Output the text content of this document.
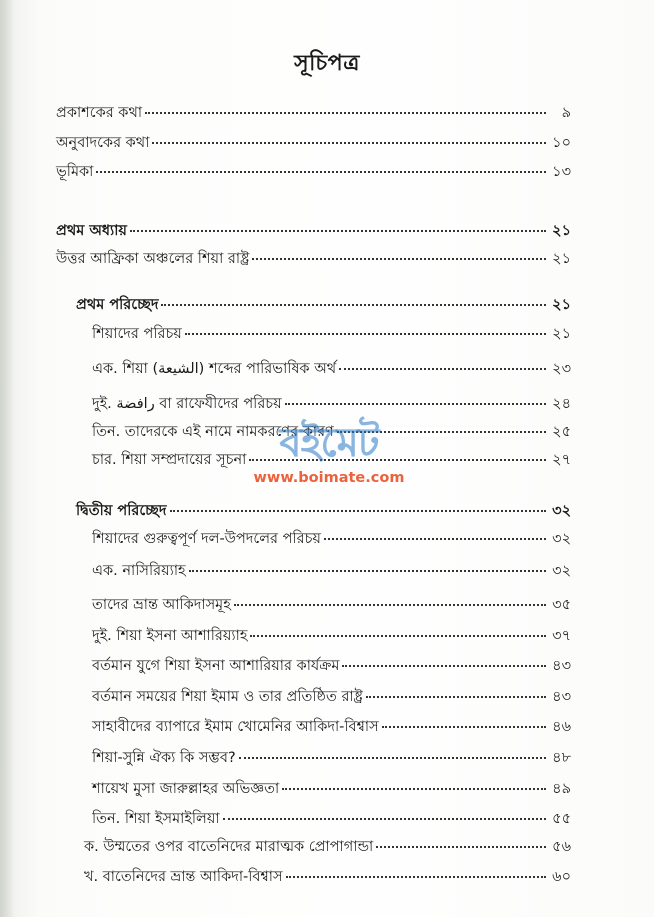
সূচিপত্র
প্রকাশকের কথা	৯
অনুবাদকের কথা	১০
ভূমিকা	১৩
প্রথম অধ্যায়	২১
উত্তর আফ্রিকা অঞ্চলের শিয়া রাষ্ট্র	২১
প্রথম পরিচ্ছেদ	২১
শিয়াদের পরিচয়	২১
এক. শিয়া (الشيعة) শব্দের পারিভাষিক অর্থ	২৩
দুই. رافضة বা রাফেযীদের পরিচয়	২৪
তিন. তাদেরকে এই নামে নামকরণের কারণ	২৫
চার. শিয়া সম্প্রদায়ের সূচনা	২৭
দ্বিতীয় পরিচ্ছেদ	৩২
শিয়াদের গুরুত্বপূর্ণ দল-উপদলের পরিচয়	৩২
এক. নাসিরিয়্যাহ	৩২
তাদের ভ্রান্ত আকিদাসমূহ	৩৫
দুই. শিয়া ইসনা আশারিয়্যাহ	৩৭
বর্তমান যুগে শিয়া ইসনা আশারিয়ার কার্যক্রম	৪৩
বর্তমান সময়ের শিয়া ইমাম ও তার প্রতিষ্ঠিত রাষ্ট্র	৪৩
সাহাবীদের ব্যাপারে ইমাম খোমেনির আকিদা-বিশ্বাস	৪৬
শিয়া-সুন্নি ঐক্য কি সম্ভব?	৪৮
শায়েখ মুসা জারুল্লাহর অভিজ্ঞতা	৪৯
তিন. শিয়া ইসমাইলিয়া	৫৫
ক. উম্মতের ওপর বাতেনিদের মারাত্মক প্রোপাগান্ডা	৫৬
খ. বাতেনিদের ভ্রান্ত আকিদা-বিশ্বাস	৬০
বইমেট
www.boimate.com
